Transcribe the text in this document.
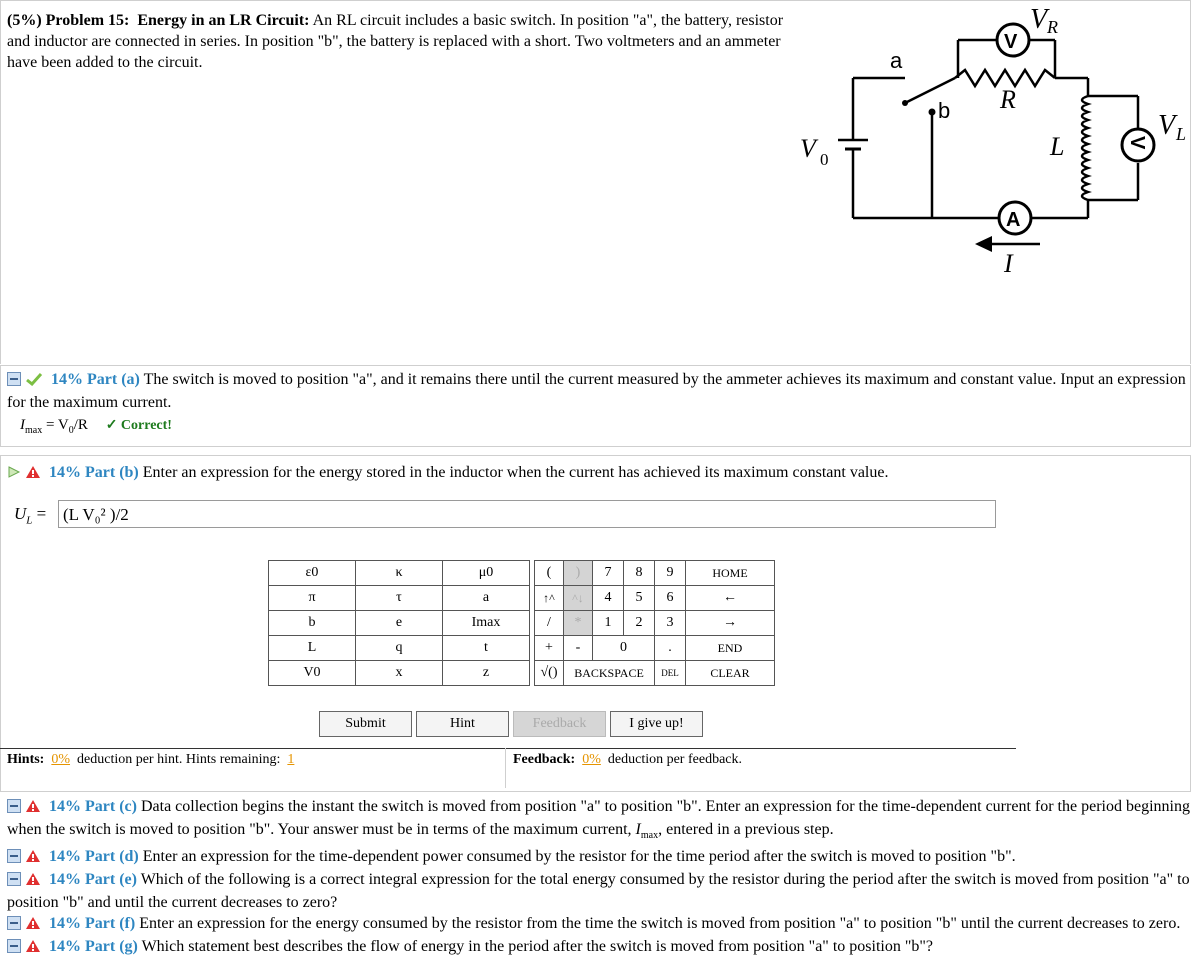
(5%) Problem 15: Energy in an LR Circuit: An RL circuit includes a basic switch. In position "a", the battery, resistor and inductor are connected in series. In position "b", the battery is replaced with a short. Two voltmeters and an ammeter have been added to the circuit.
V
V
A
V R
V L
a
b R
L
V 0
I
14% Part (a) The switch is moved to position "a", and it remains there until the current measured by the ammeter achieves its maximum and constant value. Input an expression for the maximum current.
$I_{max} = V_0/R$ ✓ Correct!
14% Part (b) Enter an expression for the energy stored in the inductor when the current has achieved its maximum constant value.
$U_L = (L$ V₀² )/2
ε0	κ	μ0		(	)	7	8	9	HOME
π	τ	a		↑^	^↓	4	5	6	←
b	e	Imax		/	*	1	2	3	→
L	q	t		+	-	0		.	END
V0	x	z		√()	BACKSPACE			DEL	CLEAR
Submit	Hint	Feedback	I give up!
Hints: 0% deduction per hint. Hints remaining: 1	Feedback: 0% deduction per feedback.
14% Part (c) Data collection begins the instant the switch is moved from position "a" to position "b". Enter an expression for the time-dependent current for the period beginning when the switch is moved to position "b". Your answer must be in terms of the maximum current, $I_{max}$, entered in a previous step.
14% Part (d) Enter an expression for the time-dependent power consumed by the resistor for the time period after the switch is moved to position "b".
14% Part (e) Which of the following is a correct integral expression for the total energy consumed by the resistor during the period after the switch is moved from position "a" to position "b" and until the current decreases to zero?
14% Part (f) Enter an expression for the energy consumed by the resistor from the time the switch is moved from position "a" to position "b" until the current decreases to zero.
14% Part (g) Which statement best describes the flow of energy in the period after the switch is moved from position "a" to position "b"?
